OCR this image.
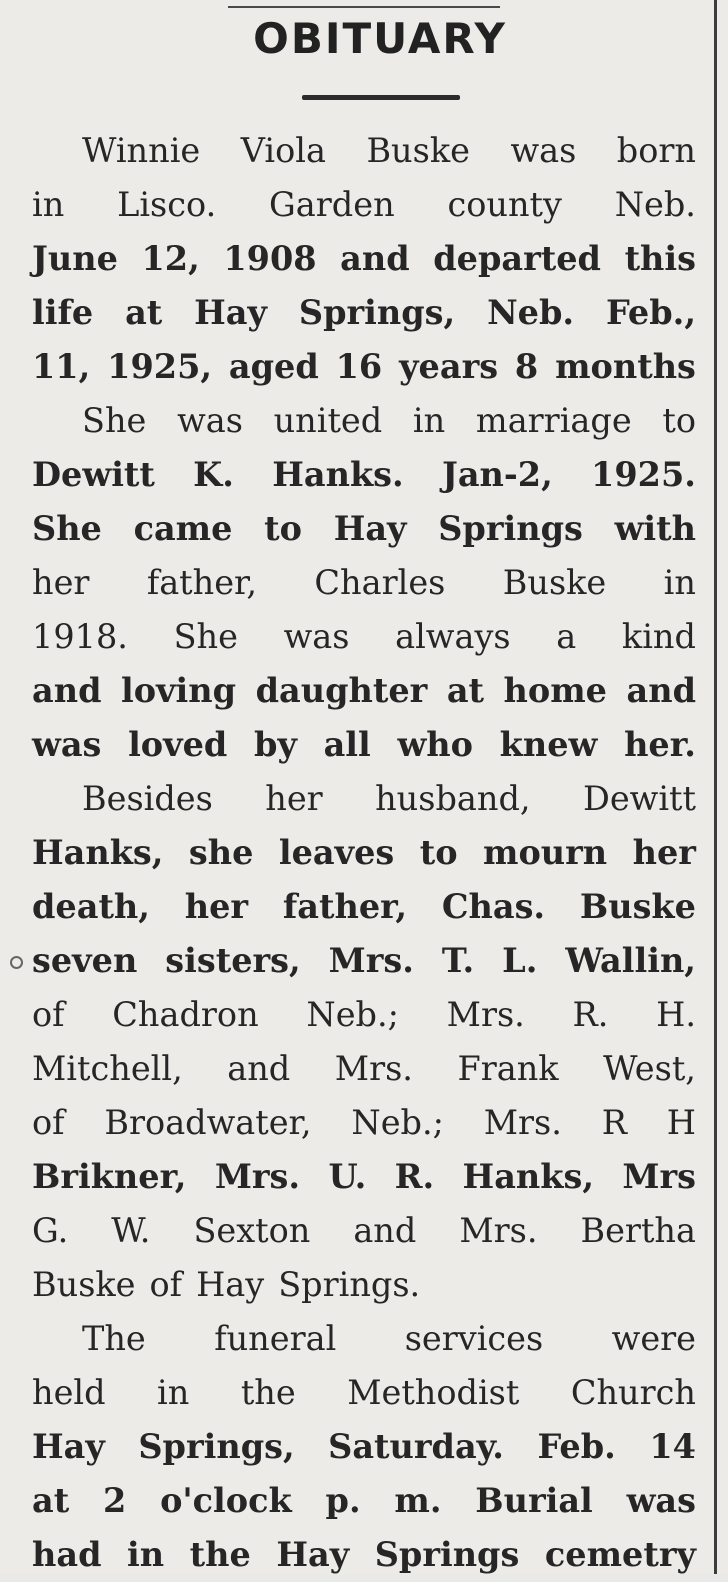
OBITUARY
Winnie Viola Buske was born
in Lisco. Garden county Neb.
June 12, 1908 and departed this
life at Hay Springs, Neb. Feb.,
11, 1925, aged 16 years 8 months
She was united in marriage to
Dewitt K. Hanks. Jan-2, 1925.
She came to Hay Springs with
her father, Charles Buske in
1918. She was always a kind
and loving daughter at home and
was loved by all who knew her.
Besides her husband, Dewitt
Hanks, she leaves to mourn her
death, her father, Chas. Buske
seven sisters, Mrs. T. L. Wallin,
of Chadron Neb.; Mrs. R. H.
Mitchell, and Mrs. Frank West,
of Broadwater, Neb.; Mrs. R H
Brikner, Mrs. U. R. Hanks, Mrs
G. W. Sexton and Mrs. Bertha
Buske of Hay Springs.
The funeral services were
held in the Methodist Church
Hay Springs, Saturday. Feb. 14
at 2 o'clock p. m. Burial was
had in the Hay Springs cemetry
